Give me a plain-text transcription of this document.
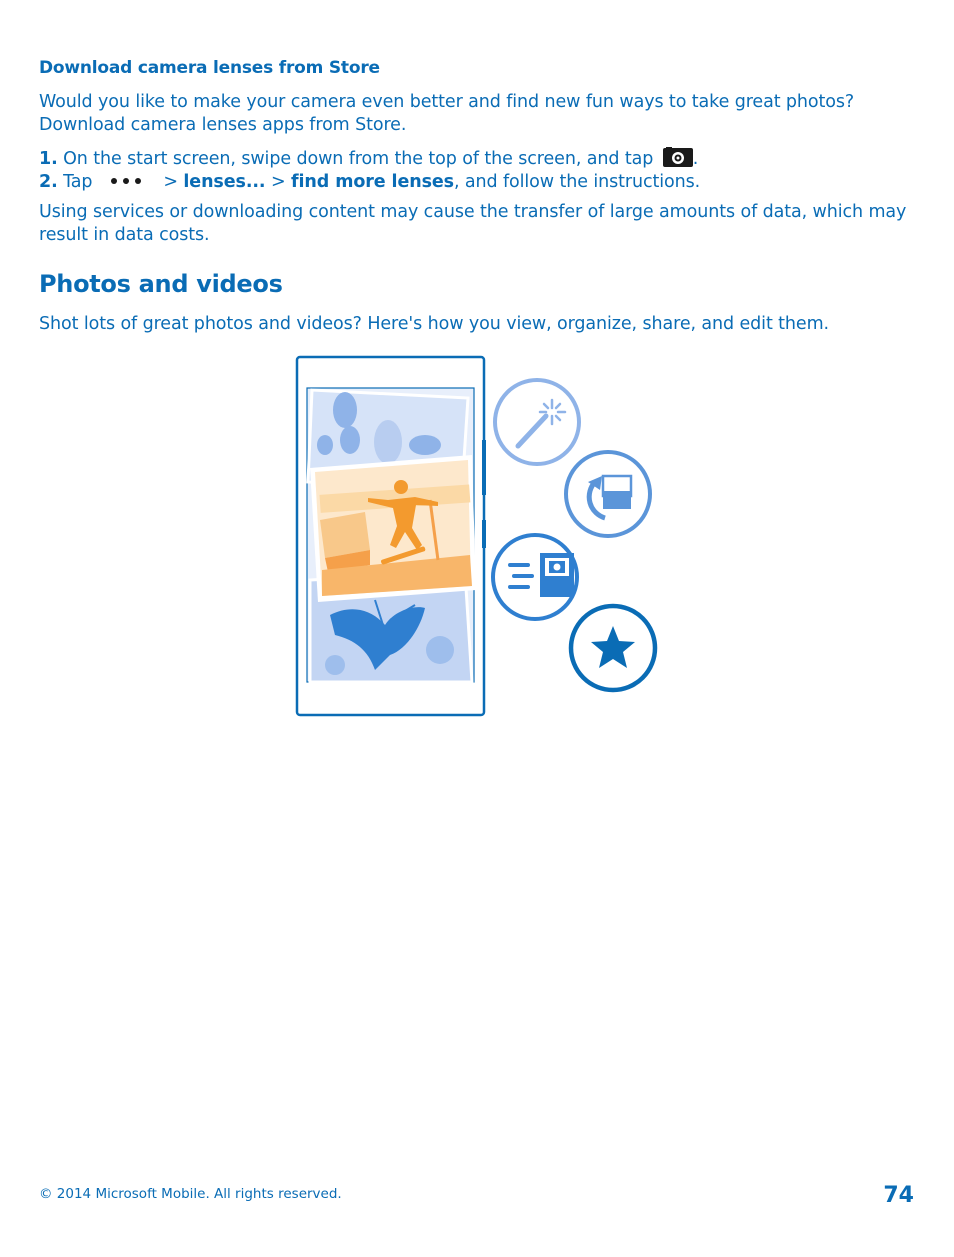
Download camera lenses from Store
Would you like to make your camera even better and find new fun ways to take great photos? Download camera lenses apps from Store.
1. On the start screen, swipe down from the top of the screen, and tap .
2. Tap	> lenses... > find more lenses, and follow the instructions.
Using services or downloading content may cause the transfer of large amounts of data, which may result in data costs.
Photos and videos
Shot lots of great photos and videos? Here's how you view, organize, share, and edit them.
© 2014 Microsoft Mobile. All rights reserved.	74
